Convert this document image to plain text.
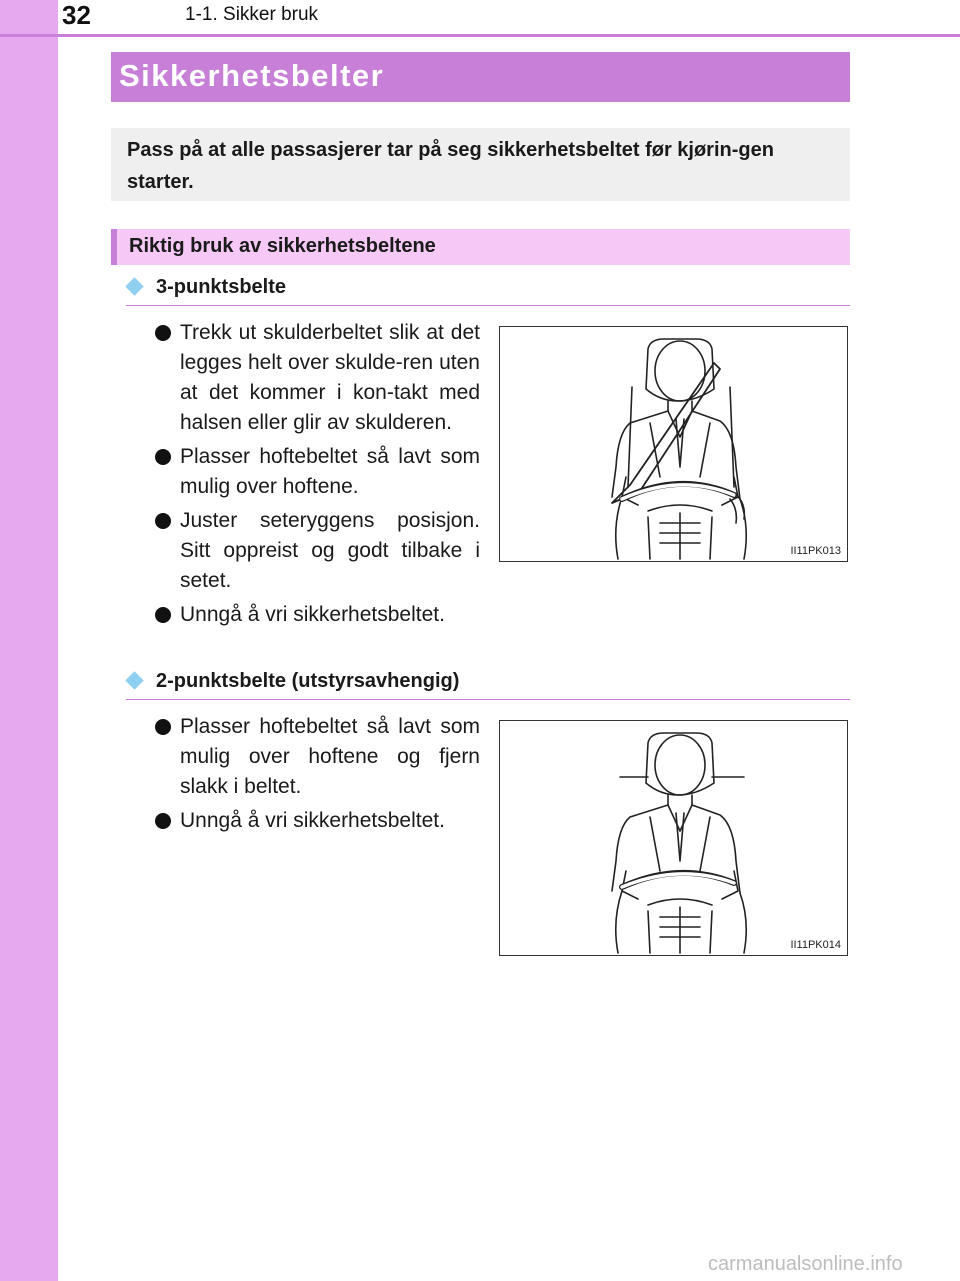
32	1-1. Sikker bruk
Sikkerhetsbelter

Pass på at alle passasjerer tar på seg sikkerhetsbeltet før kjørin-gen starter.

Riktig bruk av sikkerhetsbeltene
3-punktsbelte
Trekk ut skulderbeltet slik at det legges helt over skulde-ren uten at det kommer i kon-takt med halsen eller glir av skulderen.
Plasser hoftebeltet så lavt som mulig over hoftene.
Juster seteryggens posisjon. Sitt oppreist og godt tilbake i setet.
Unngå å vri sikkerhetsbeltet.
II11PK013
2-punktsbelte (utstyrsavhengig)
Plasser hoftebeltet så lavt som mulig over hoftene og fjern slakk i beltet.
Unngå å vri sikkerhetsbeltet.
II11PK014
carmanualsonline.info
